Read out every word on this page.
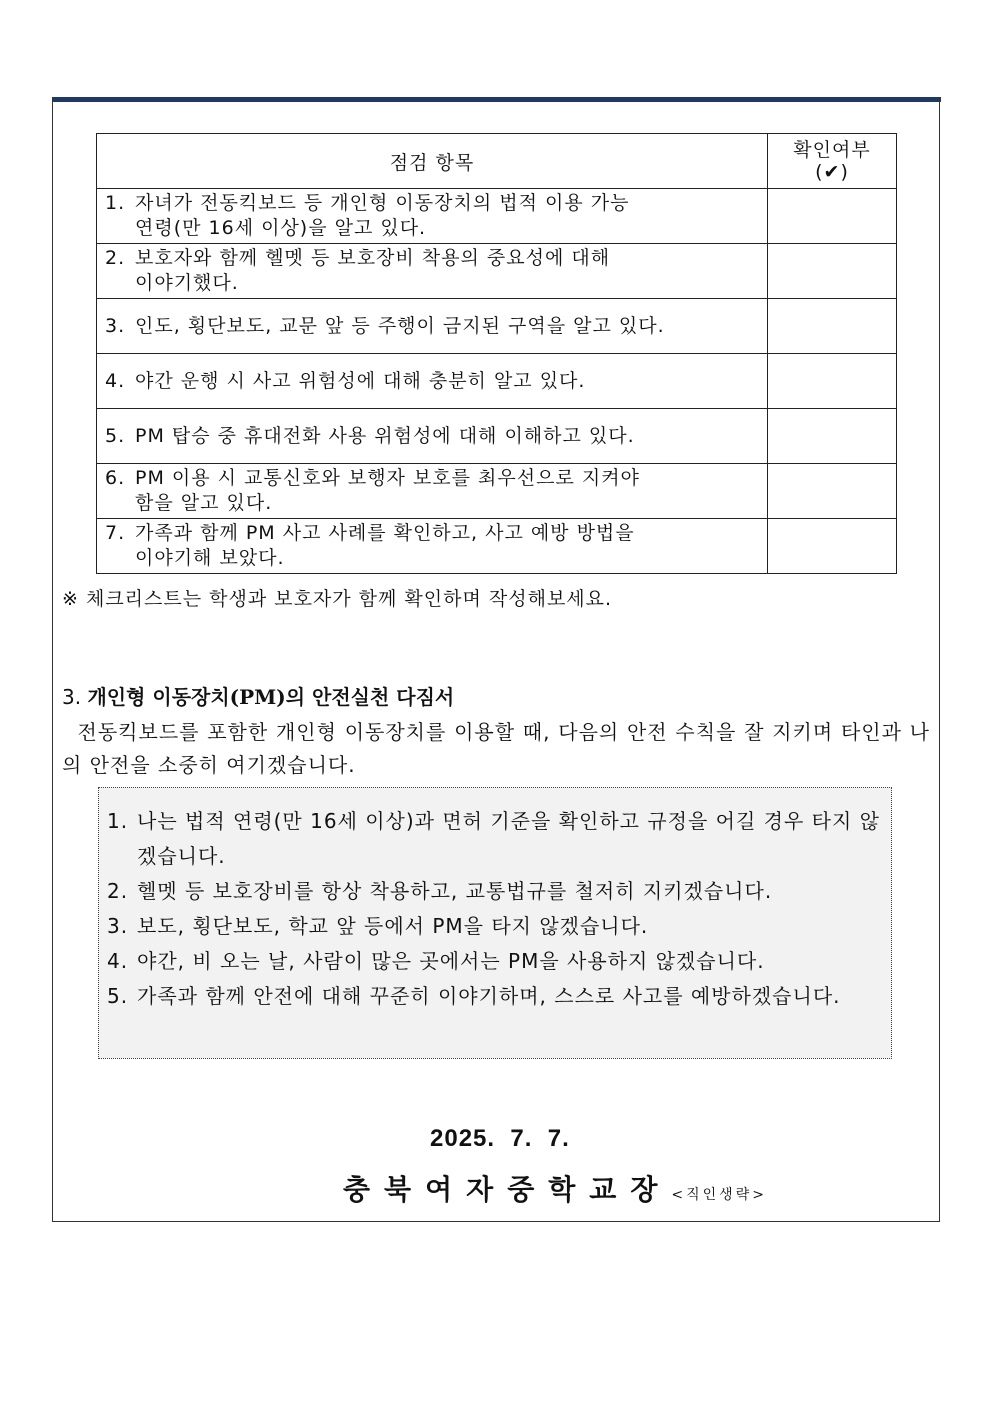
점검 항목	확인여부
(✔)

1. 자녀가 전동킥보드 등 개인형 이동장치의 법적 이용 가능
연령(만 16세 이상)을 알고 있다.	

2. 보호자와 함께 헬멧 등 보호장비 착용의 중요성에 대해
이야기했다.	

3. 인도, 횡단보도, 교문 앞 등 주행이 금지된 구역을 알고 있다.	
4. 야간 운행 시 사고 위험성에 대해 충분히 알고 있다.	
5. PM 탑승 중 휴대전화 사용 위험성에 대해 이해하고 있다.	
6. PM 이용 시 교통신호와 보행자 보호를 최우선으로 지켜야
함을 알고 있다.	

7. 가족과 함께 PM 사고 사례를 확인하고, 사고 예방 방법을
이야기해 보았다.	

※ 체크리스트는 학생과 보호자가 함께 확인하며 작성해보세요.
3. 개인형 이동장치(PM)의 안전실천 다짐서
전동킥보드를 포함한 개인형 이동장치를 이용할 때, 다음의 안전 수칙을 잘 지키며 타인과 나의 안전을 소중히 여기겠습니다.
1. 나는 법적 연령(만 16세 이상)과 면허 기준을 확인하고 규정을 어길 경우 타지 않겠습니다.
2. 헬멧 등 보호장비를 항상 착용하고, 교통법규를 철저히 지키겠습니다.
3. 보도, 횡단보도, 학교 앞 등에서 PM을 타지 않겠습니다.
4. 야간, 비 오는 날, 사람이 많은 곳에서는 PM을 사용하지 않겠습니다.
5. 가족과 함께 안전에 대해 꾸준히 이야기하며, 스스로 사고를 예방하겠습니다.
2025.  7.  7.
충북여자중학교장<직인생략>
